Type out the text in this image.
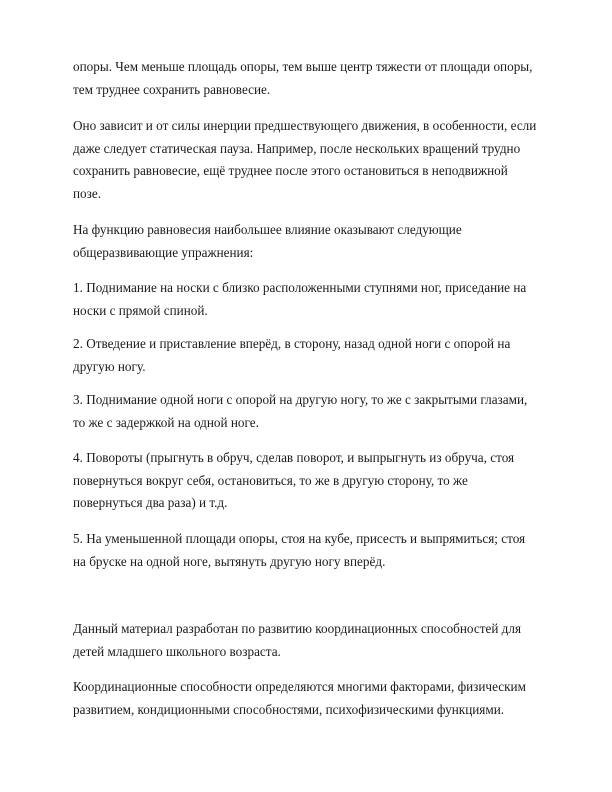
опоры. Чем меньше площадь опоры, тем выше центр тяжести от площади опоры,
тем труднее сохранить равновесие.

Оно зависит и от силы инерции предшествующего движения, в особенности, если
даже следует статическая пауза. Например, после нескольких вращений трудно
сохранить равновесие, ещё труднее после этого остановиться в неподвижной
позе.

На функцию равновесия наибольшее влияние оказывают следующие
общеразвивающие упражнения:

1. Поднимание на носки с близко расположенными ступнями ног, приседание на
носки с прямой спиной.

2. Отведение и приставление вперёд, в сторону, назад одной ноги с опорой на
другую ногу.

3. Поднимание одной ноги с опорой на другую ногу, то же с закрытыми глазами,
то же с задержкой на одной ноге.

4. Повороты (прыгнуть в обруч, сделав поворот, и выпрыгнуть из обруча, стоя
повернуться вокруг себя, остановиться, то же в другую сторону, то же
повернуться два раза) и т.д.

5. На уменьшенной площади опоры, стоя на кубе, присесть и выпрямиться; стоя
на бруске на одной ноге, вытянуть другую ногу вперёд.

Данный материал разработан по развитию координационных способностей для
детей младшего школьного возраста.

Координационные способности определяются многими факторами, физическим
развитием, кондиционными способностями, психофизическими функциями.
